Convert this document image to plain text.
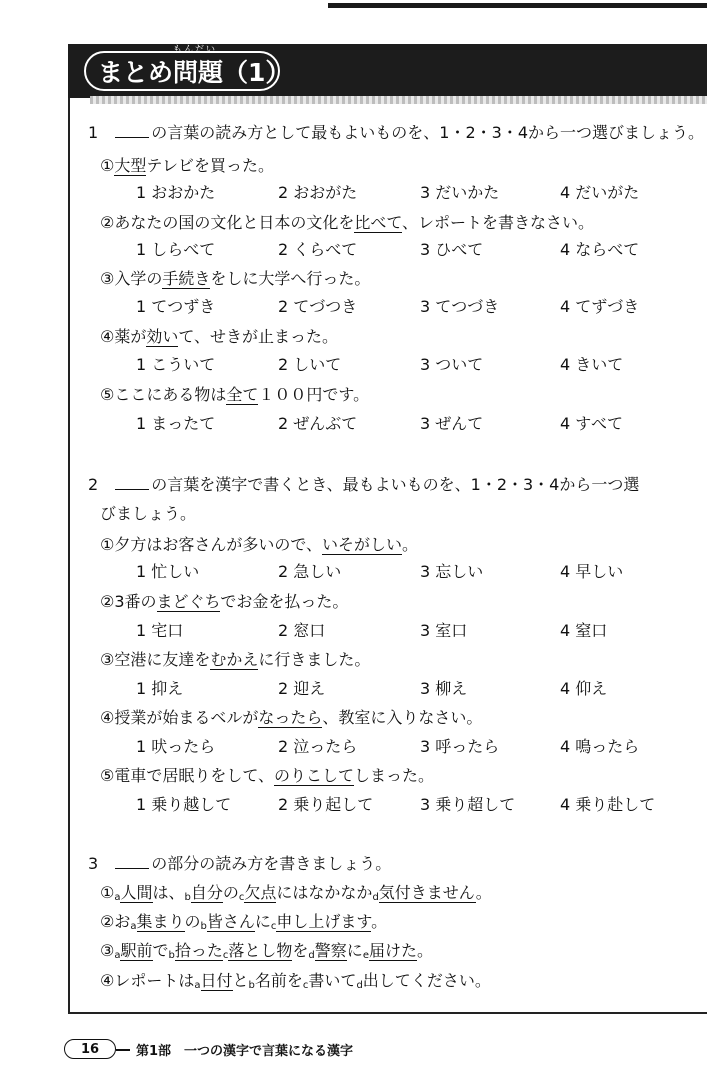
まとめ問題（1）
もんだい
1	の言葉の読み方として最もよいものを、1・2・3・4から一つ選びましょう。
①大型テレビを買った。
1 おおかた	2 おおがた	3 だいかた	4 だいがた
②あなたの国の文化と日本の文化を比べて、レポートを書きなさい。
1 しらべて	2 くらべて	3 ひべて	4 ならべて
③入学の手続きをしに大学へ行った。
1 てつずき	2 てづつき	3 てつづき	4 てずづき
④薬が効いて、せきが止まった。
1 こういて	2 しいて	3 ついて	4 きいて
⑤ここにある物は全て１００円です。
1 まったて	2 ぜんぶて	3 ぜんて	4 すべて
2	の言葉を漢字で書くとき、最もよいものを、1・2・3・4から一つ選
びましょう。
①夕方はお客さんが多いので、いそがしい。
1 忙しい	2 急しい	3 忘しい	4 早しい
②3番のまどぐちでお金を払った。
1 宅口	2 窓口	3 室口	4 窒口
③空港に友達をむかえに行きました。
1 抑え	2 迎え	3 柳え	4 仰え
④授業が始まるベルがなったら、教室に入りなさい。
1 吠ったら	2 泣ったら	3 呼ったら	4 鳴ったら
⑤電車で居眠りをして、のりこしてしまった。
1 乗り越して	2 乗り起して	3 乗り超して	4 乗り赴して
3	の部分の読み方を書きましょう。
$①_a$人間は、$_b$自分の$_c$欠点にはなかなか$_d$気付きません。
②お$_a$集まりの$_b$皆さんに$_c$申し上げます。
$③_a$駅前で$_b$拾った$_c$落とし物を$_d$警察に$_e$届けた。
④レポートは$_a$日付と$_b$名前を$_c$書いて$_d$出してください。
16	第1部　一つの漢字で言葉になる漢字
